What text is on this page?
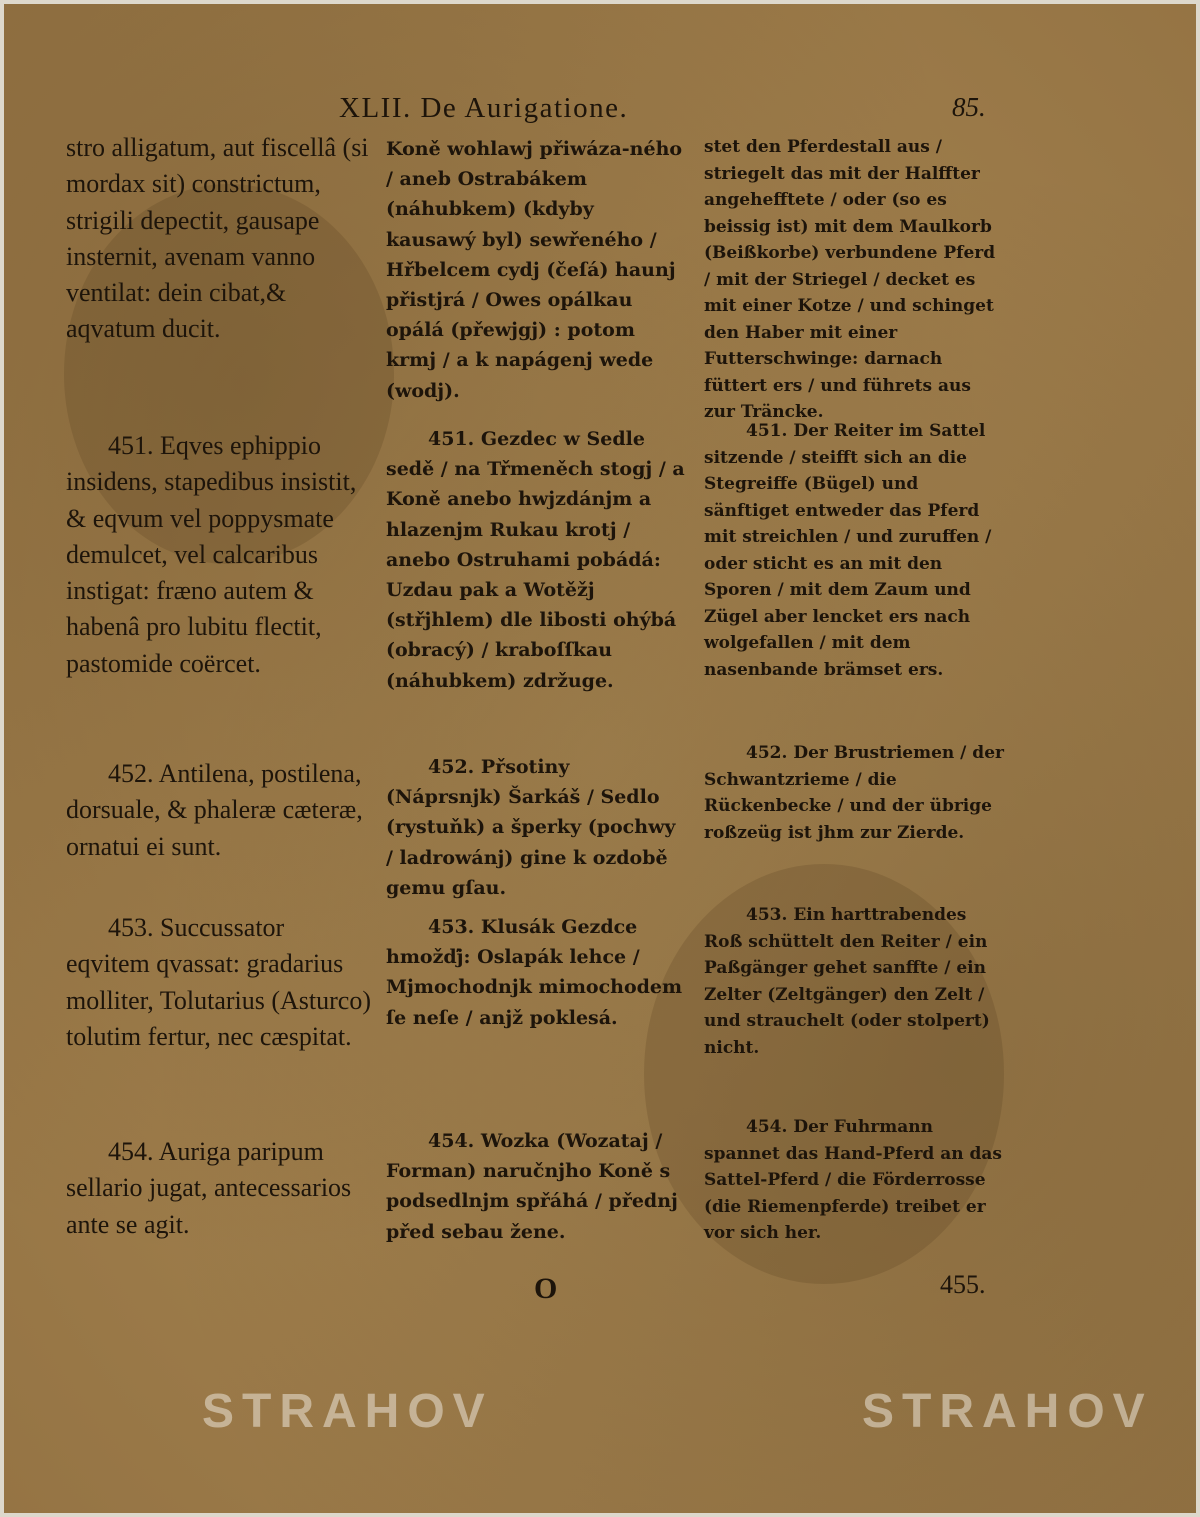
XLII. De Aurigatione.	85.

stro alligatum, aut fiscellâ (si mordax sit) constrictum, strigili depectit, gausape insternit, avenam vanno ventilat: dein cibat,& aqvatum ducit.

451. Eqves ephippio insidens, stapedibus insistit, & eqvum vel poppysmate demulcet, vel calcaribus instigat: fræno autem & habenâ pro lubitu flectit, pastomide coërcet.

452. Antilena, postilena, dorsuale, & phaleræ cæteræ, ornatui ei sunt.

453. Succussator eqvitem qvassat: gradarius molliter, Tolutarius (Asturco) tolutim fertur, nec cæspitat.

454. Auriga paripum sellario jugat, antecessarios ante se agit.

Koně wohlawj přiwáza-ného / aneb Ostrabákem (náhubkem) (kdyby kausawý byl) sewřeného / Hřbelcem cydj (čeſá) haunj přistjrá / Owes opálkau opálá (přewjgj) : potom krmj / a k napágenj wede (wodj).

451. Gezdec w Sedle sedě / na Třmeněch stogj / a Koně anebo hwjzdánjm a hlazenjm Rukau krotj / anebo Ostruhami pobádá: Uzdau pak a Wotěžj (střjhlem) dle libosti ohýbá (obracý) / kraboſſkau (náhubkem) zdržuge.

452. Přsotiny (Náprsnjk) Šarkáš / Sedlo (rystuňk) a šperky (pochwy / ladrowánj) gine k ozdobě gemu gſau.

453. Klusák Gezdce hmožďj: Oslapák lehce / Mjmochodnjk mimochodem ſe neſe / anjž poklesá.

454. Wozka (Wozataj / Forman) naručnjho Koně s podsedlnjm spřáhá / přednj před sebau žene.

stet den Pferdestall aus / striegelt das mit der Halffter angehefftete / oder (so es beissig ist) mit dem Maulkorb (Beißkorbe) verbundene Pferd / mit der Striegel / decket es mit einer Kotze / und schinget den Haber mit einer Futterschwinge: darnach füttert ers / und führets aus zur Träncke.

451. Der Reiter im Sattel sitzende / steifft sich an die Stegreiffe (Bügel) und sänftiget entweder das Pferd mit streichlen / und zuruffen / oder sticht es an mit den Sporen / mit dem Zaum und Zügel aber lencket ers nach wolgefallen / mit dem nasenbande brämset ers.

452. Der Brustriemen / der Schwantzrieme / die Rückenbecke / und der übrige roßzeüg ist jhm zur Zierde.

453. Ein harttrabendes Roß schüttelt den Reiter / ein Paßgänger gehet sanffte / ein Zelter (Zeltgänger) den Zelt / und strauchelt (oder stolpert) nicht.

454. Der Fuhrmann spannet das Hand-Pferd an das Sattel-Pferd / die Förderrosse (die Riemenpferde) treibet er vor sich her.

O	455.
STRAHOV	STRAHOV
